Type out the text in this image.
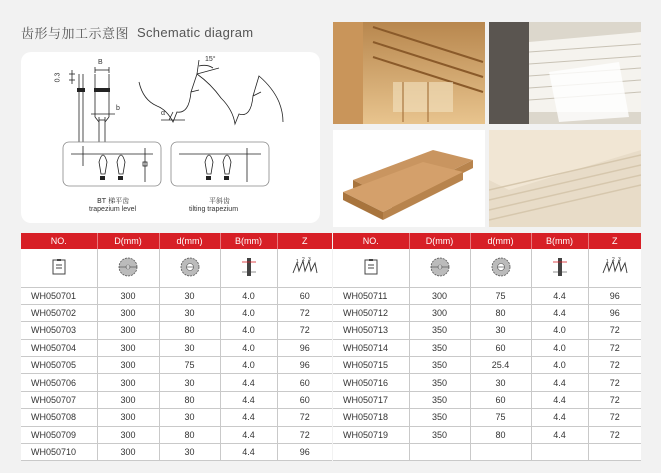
齿形与加工示意图 Schematic diagram
B
b
0.3
15°
α
BT 梯平齿
trapezium level
平斜齿
tilting trapezium
NO.	D(mm)	d(mm)	B(mm)	Z

1 2 3

WH050701	300	30	4.0	60
WH050702	300	30	4.0	72
WH050703	300	80	4.0	72
WH050704	300	30	4.0	96
WH050705	300	75	4.0	96
WH050706	300	30	4.4	60
WH050707	300	80	4.4	60
WH050708	300	30	4.4	72
WH050709	300	80	4.4	72
WH050710	300	30	4.4	96
NO.	D(mm)	d(mm)	B(mm)	Z

1 2 3

WH050711	300	75	4.4	96
WH050712	300	80	4.4	96
WH050713	350	30	4.0	72
WH050714	350	60	4.0	72
WH050715	350	25.4	4.0	72
WH050716	350	30	4.4	72
WH050717	350	60	4.4	72
WH050718	350	75	4.4	72
WH050719	350	80	4.4	72
